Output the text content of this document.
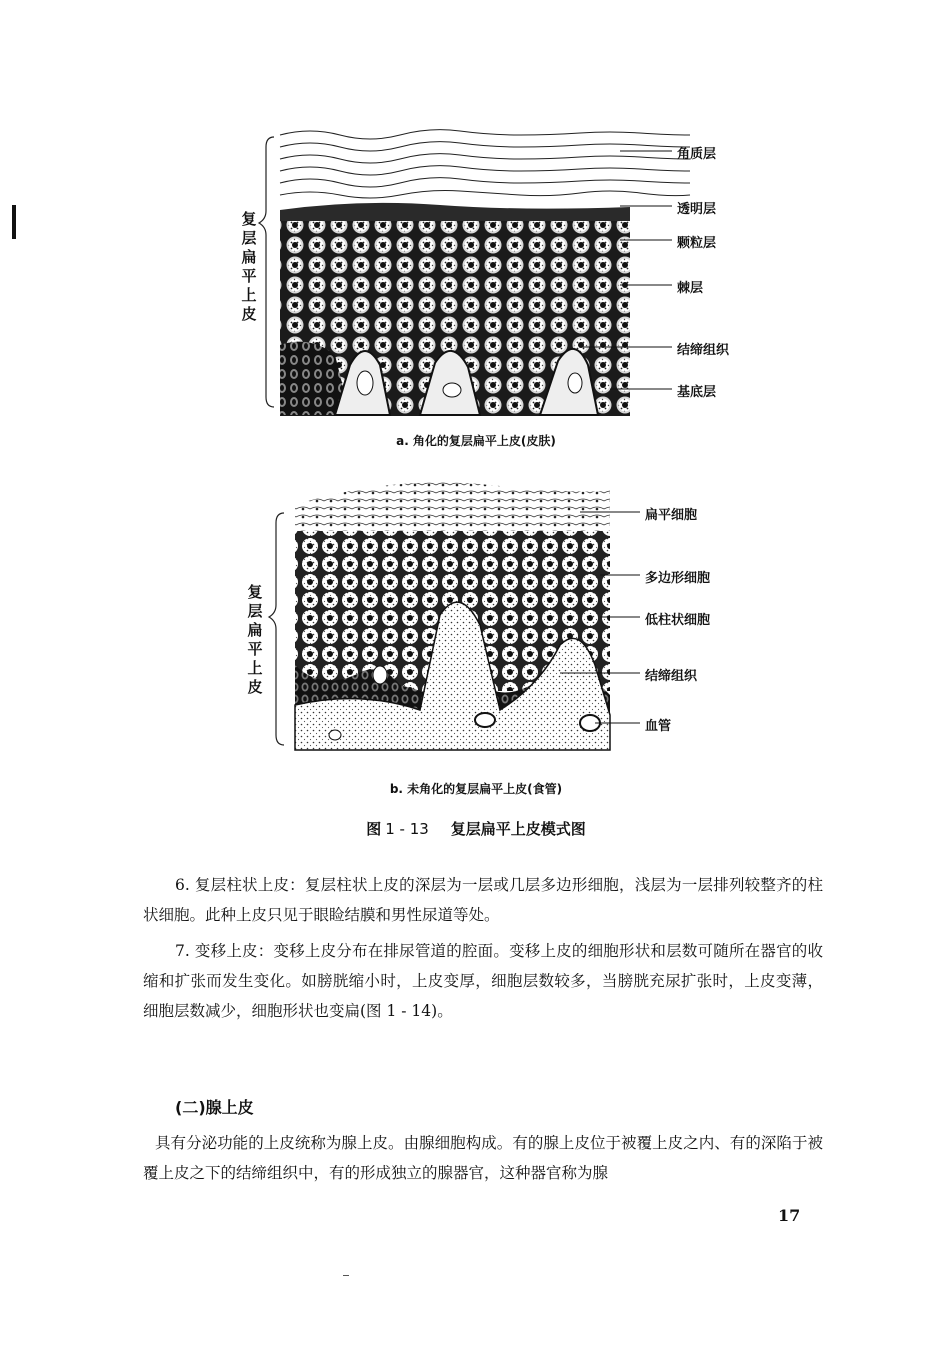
复层扁平上皮
角质层
透明层
颗粒层
棘层
结缔组织
基底层
a. 角化的复层扁平上皮(皮肤)
复层扁平上皮
扁平细胞
多边形细胞
低柱状细胞
结缔组织
血管
b. 未角化的复层扁平上皮(食管)
图 1 - 13 复层扁平上皮模式图

6. 复层柱状上皮：复层柱状上皮的深层为一层或几层多边形细胞，浅层为一层排列较整齐的柱状细胞。此种上皮只见于眼睑结膜和男性尿道等处。

7. 变移上皮：变移上皮分布在排尿管道的腔面。变移上皮的细胞形状和层数可随所在器官的收缩和扩张而发生变化。如膀胱缩小时，上皮变厚，细胞层数较多，当膀胱充尿扩张时，上皮变薄，细胞层数减少，细胞形状也变扁(图 1 - 14)。

(二)腺上皮

具有分泌功能的上皮统称为腺上皮。由腺细胞构成。有的腺上皮位于被覆上皮之内、有的深陷于被覆上皮之下的结缔组织中，有的形成独立的腺器官，这种器官称为腺

17
